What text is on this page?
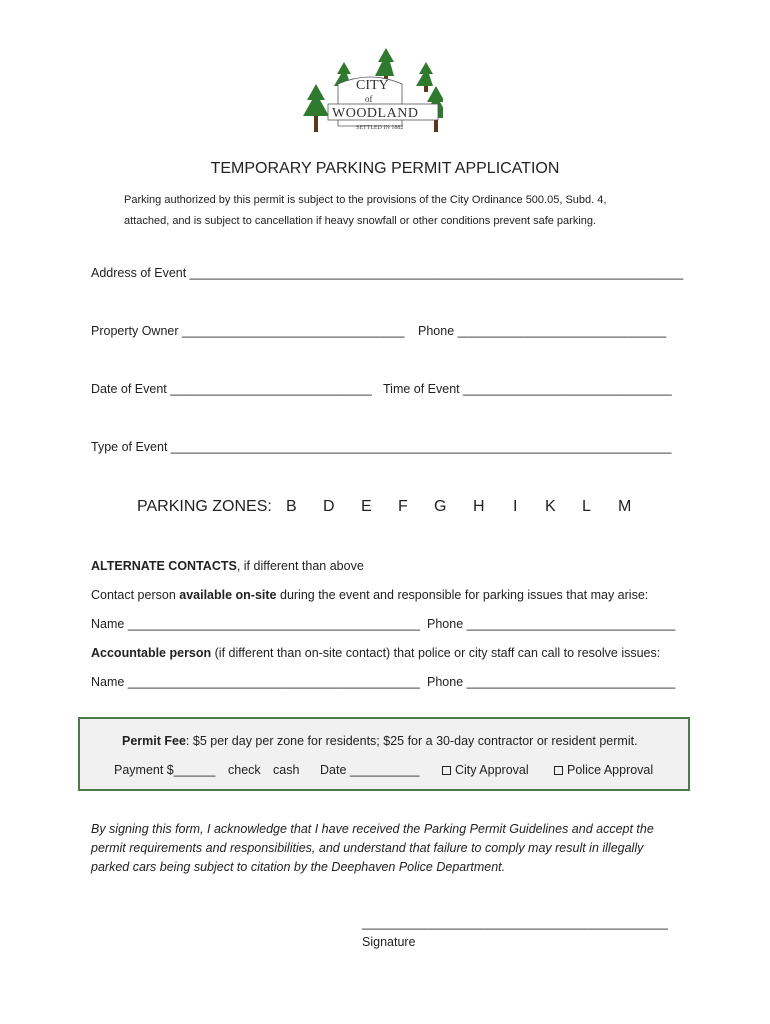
CITY
of
WOODLAND
SETTLED IN 1882
TEMPORARY PARKING PERMIT APPLICATION
Parking authorized by this permit is subject to the provisions of the City Ordinance 500.05, Subd. 4,
attached, and is subject to cancellation if heavy snowfall or other conditions prevent safe parking.
Address of Event _______________________________________________________________________
Property Owner ________________________________ Phone ______________________________
Date of Event _____________________________ Time of Event ______________________________
Type of Event ________________________________________________________________________
PARKING ZONES: B D E F G H I K L M
ALTERNATE CONTACTS, if different than above
Contact person available on-site during the event and responsible for parking issues that may arise:
Name __________________________________________ Phone ______________________________
Accountable person (if different than on-site contact) that police or city staff can call to resolve issues:
Name __________________________________________ Phone ______________________________
Permit Fee: $5 per day per zone for residents; $25 for a 30-day contractor or resident permit.
Payment $______ check cash Date __________	City Approval	Police Approval
By signing this form, I acknowledge that I have received the Parking Permit Guidelines and accept the
permit requirements and responsibilities, and understand that failure to comply may result in illegally
parked cars being subject to citation by the Deephaven Police Department.
____________________________________________
Signature
